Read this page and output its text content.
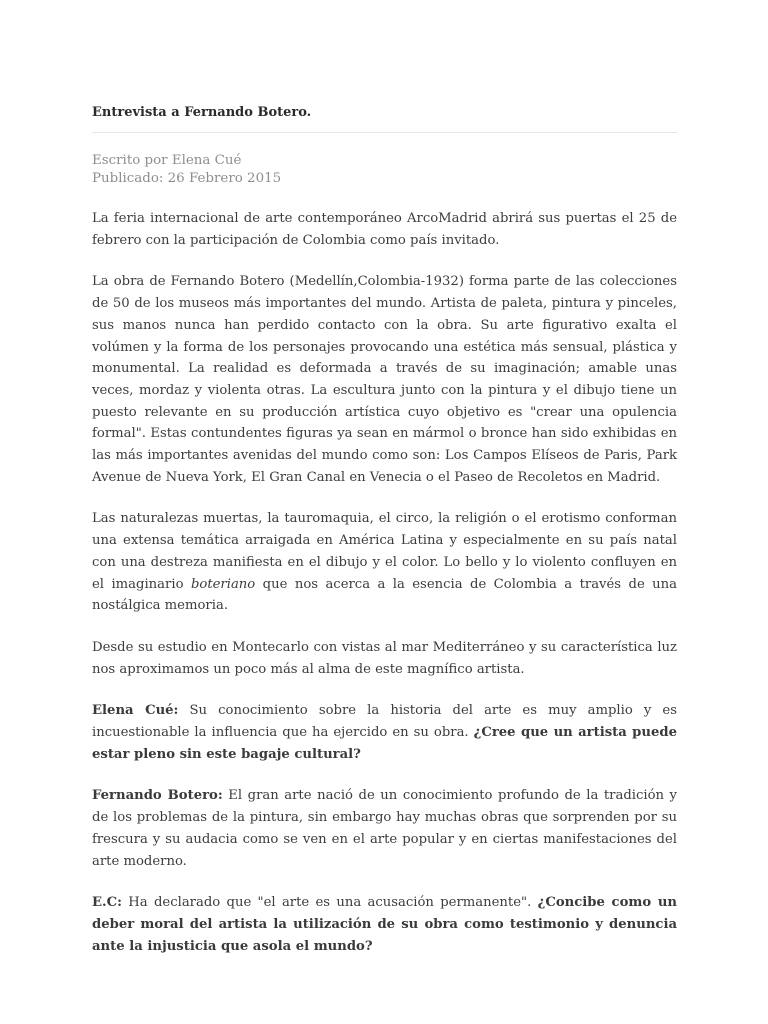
Entrevista a Fernando Botero.
Escrito por Elena Cué
Publicado: 26 Febrero 2015

La feria internacional de arte contemporáneo ArcoMadrid abrirá sus puertas el 25 de febrero con la participación de Colombia como país invitado.

La obra de Fernando Botero (Medellín,Colombia-1932) forma parte de las colecciones de 50 de los museos más importantes del mundo. Artista de paleta, pintura y pinceles, sus manos nunca han perdido contacto con la obra. Su arte figurativo exalta el volúmen y la forma de los personajes provocando una estética más sensual, plástica y monumental. La realidad es deformada a través de su imaginación; amable unas veces, mordaz y violenta otras. La escultura junto con la pintura y el dibujo tiene un puesto relevante en su producción artística cuyo objetivo es "crear una opulencia formal". Estas contundentes figuras ya sean en mármol o bronce han sido exhibidas en las más importantes avenidas del mundo como son: Los Campos Elíseos de Paris, Park Avenue de Nueva York, El Gran Canal en Venecia o el Paseo de Recoletos en Madrid.

Las naturalezas muertas, la tauromaquia, el circo, la religión o el erotismo conforman una extensa temática arraigada en América Latina y especialmente en su país natal con una destreza manifiesta en el dibujo y el color. Lo bello y lo violento confluyen en el imaginario boteriano que nos acerca a la esencia de Colombia a través de una nostálgica memoria.

Desde su estudio en Montecarlo con vistas al mar Mediterráneo y su característica luz nos aproximamos un poco más al alma de este magnífico artista.

Elena Cué: Su conocimiento sobre la historia del arte es muy amplio y es incuestionable la influencia que ha ejercido en su obra. ¿Cree que un artista puede estar pleno sin este bagaje cultural?

Fernando Botero: El gran arte nació de un conocimiento profundo de la tradición y de los problemas de la pintura, sin embargo hay muchas obras que sorprenden por su frescura y su audacia como se ven en el arte popular y en ciertas manifestaciones del arte moderno.

E.C: Ha declarado que "el arte es una acusación permanente". ¿Concibe como un deber moral del artista la utilización de su obra como testimonio y denuncia ante la injusticia que asola el mundo?
